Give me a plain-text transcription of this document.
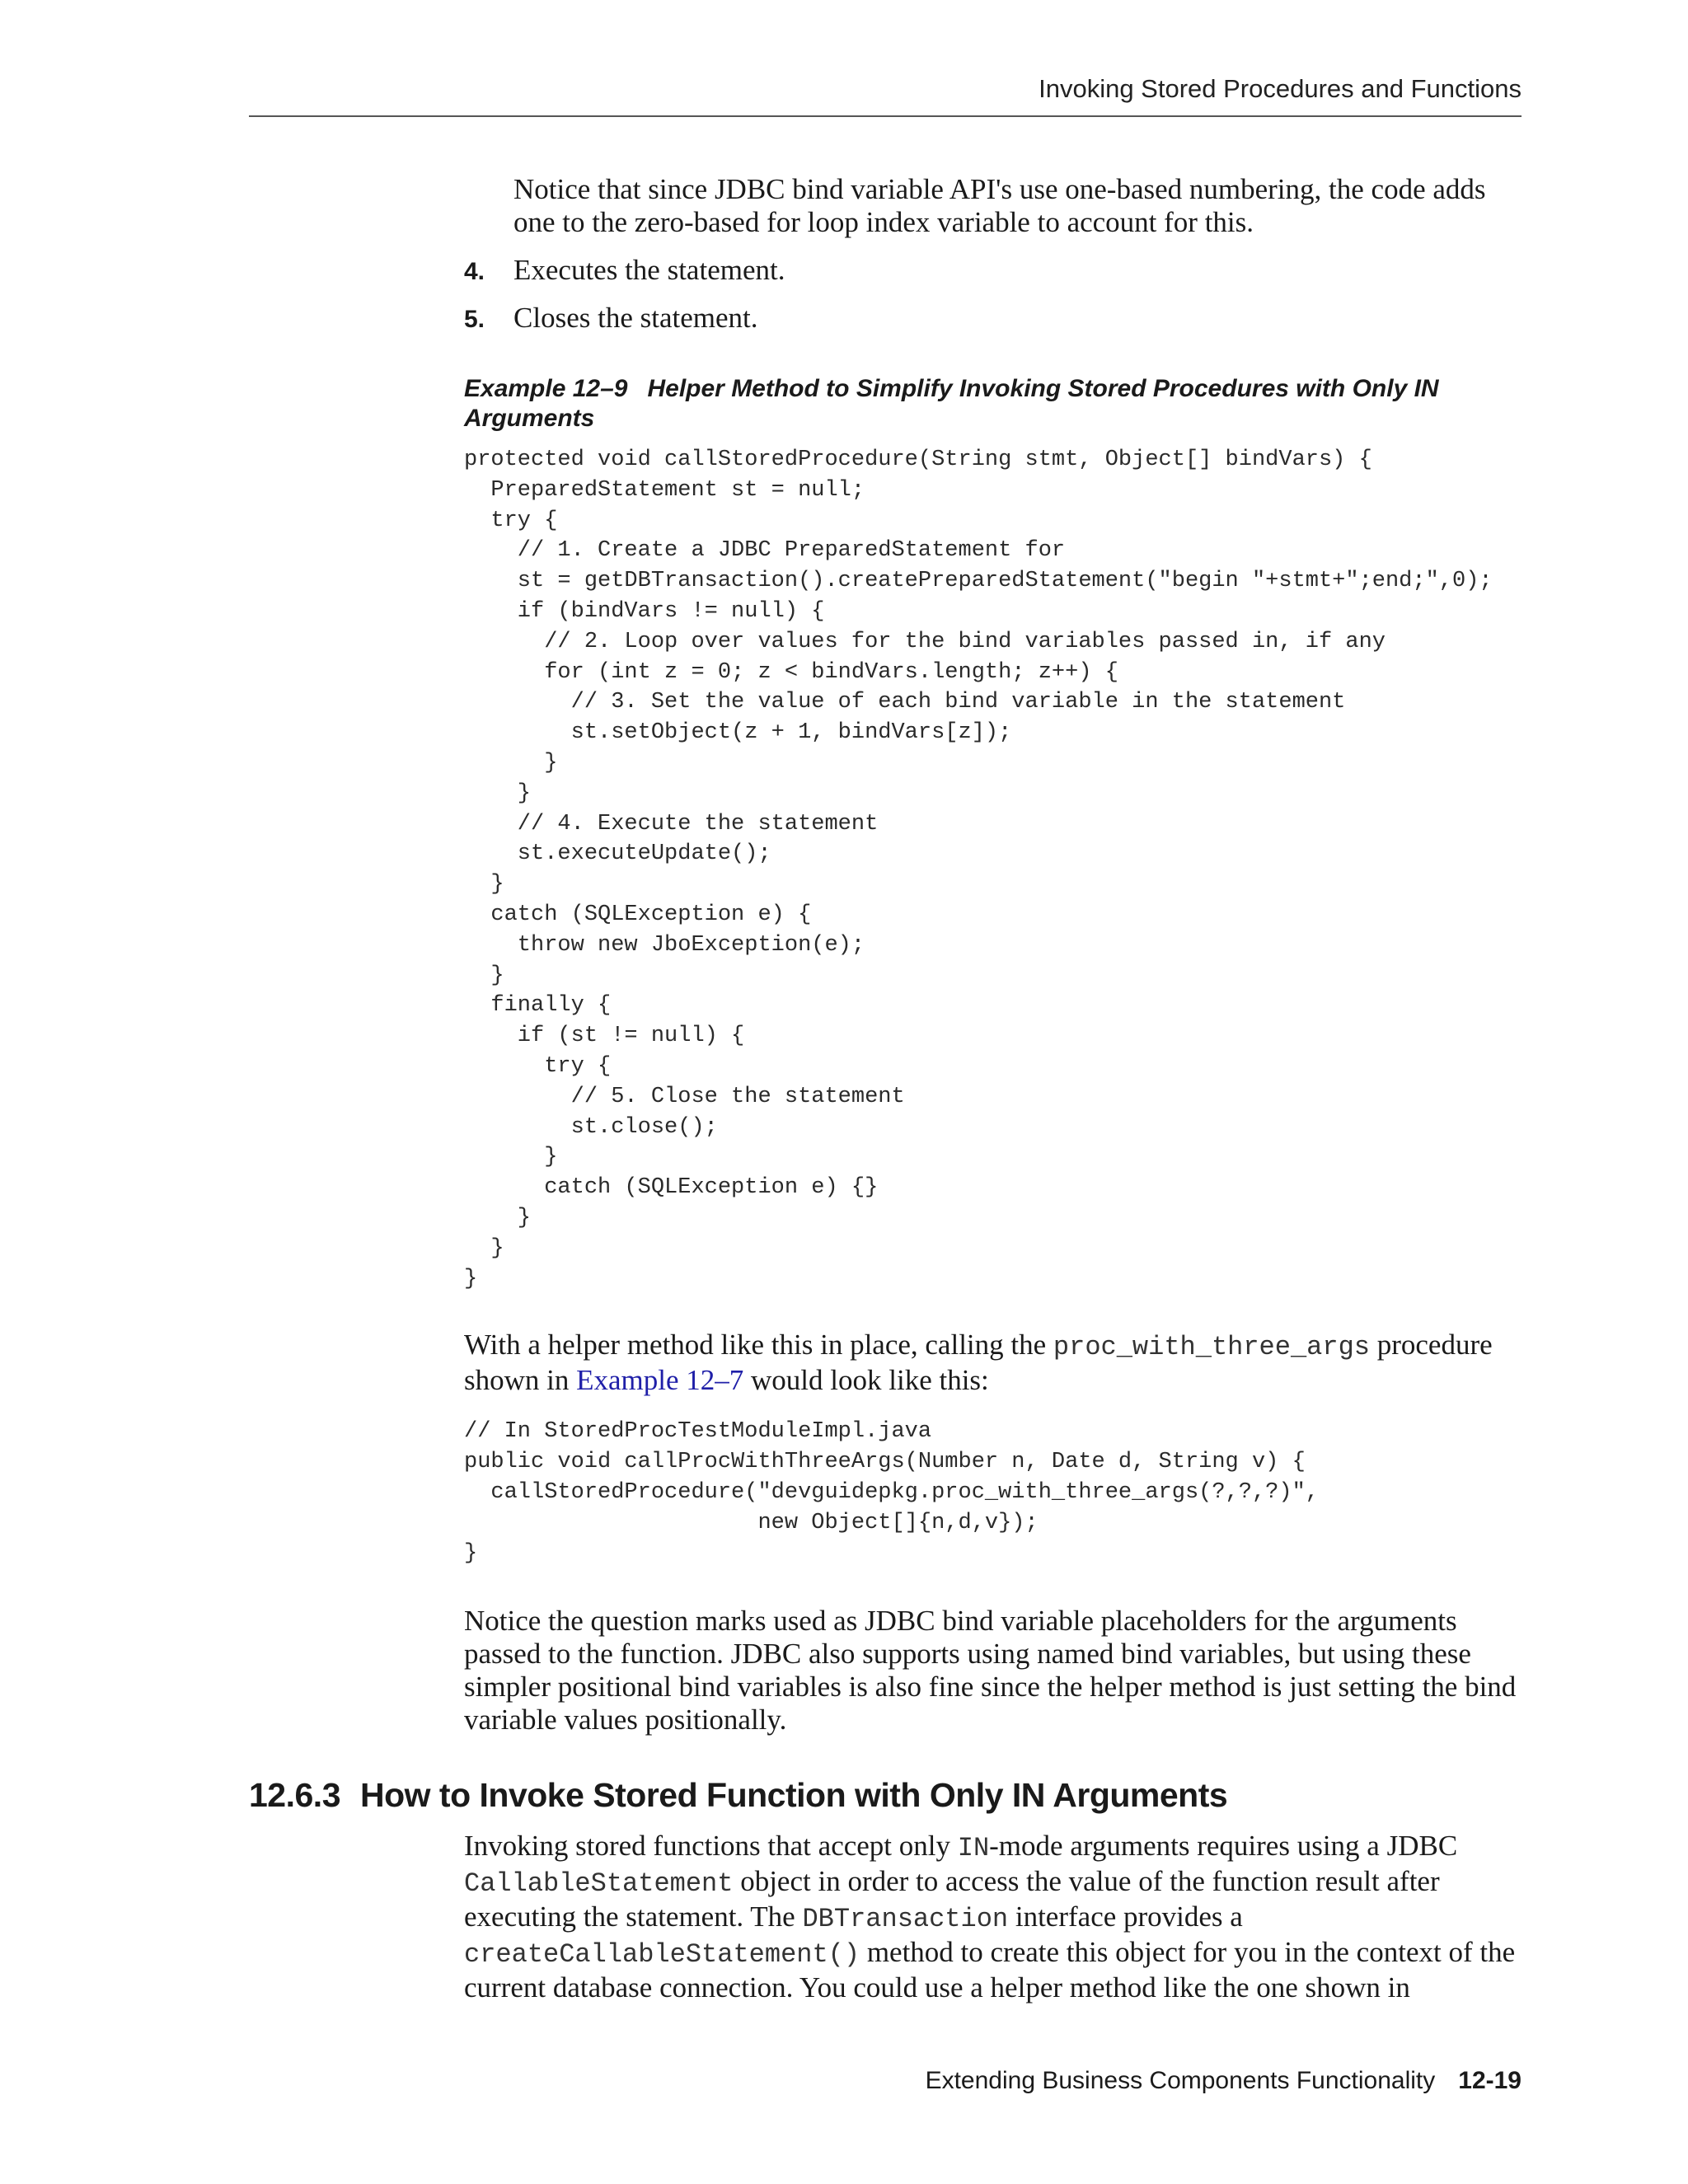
Invoking Stored Procedures and Functions

Notice that since JDBC bind variable API's use one-based numbering, the code adds one to the zero-based for loop index variable to account for this.

4. Executes the statement.
5. Closes the statement.
Example 12–9 Helper Method to Simplify Invoking Stored Procedures with Only IN Arguments
protected void callStoredProcedure(String stmt, Object[] bindVars) {
PreparedStatement st = null;
try {
// 1. Create a JDBC PreparedStatement for
st = getDBTransaction().createPreparedStatement("begin "+stmt+";end;",0);
if (bindVars != null) {
// 2. Loop over values for the bind variables passed in, if any
for (int z = 0; z < bindVars.length; z++) {
// 3. Set the value of each bind variable in the statement
st.setObject(z + 1, bindVars[z]);
}
}
// 4. Execute the statement
st.executeUpdate();
}
catch (SQLException e) {
throw new JboException(e);
}
finally {
if (st != null) {
try {
// 5. Close the statement
st.close();
}
catch (SQLException e) {}
}
}
}

With a helper method like this in place, calling the proc_with_three_args procedure shown in Example 12–7 would look like this:

// In StoredProcTestModuleImpl.java
public void callProcWithThreeArgs(Number n, Date d, String v) {
callStoredProcedure("devguidepkg.proc_with_three_args(?,?,?)",
new Object[]{n,d,v});
}

Notice the question marks used as JDBC bind variable placeholders for the arguments passed to the function. JDBC also supports using named bind variables, but using these simpler positional bind variables is also fine since the helper method is just setting the bind variable values positionally.

12.6.3 How to Invoke Stored Function with Only IN Arguments

Invoking stored functions that accept only IN-mode arguments requires using a JDBC CallableStatement object in order to access the value of the function result after executing the statement. The DBTransaction interface provides a createCallableStatement() method to create this object for you in the context of the current database connection. You could use a helper method like the one shown in

Extending Business Components Functionality 12-19
